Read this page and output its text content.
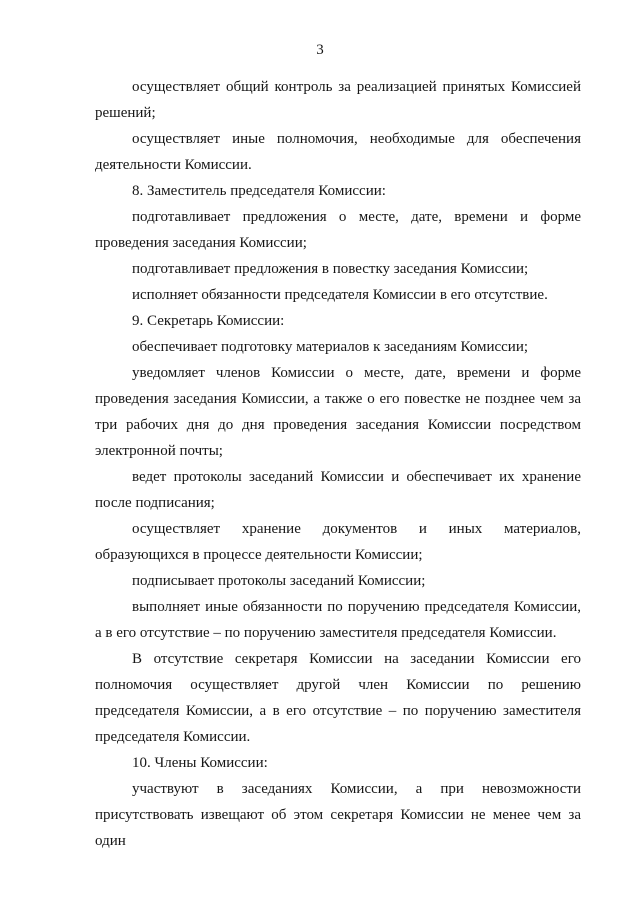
3

осуществляет общий контроль за реализацией принятых Комиссией решений;

осуществляет иные полномочия, необходимые для обеспечения деятельности Комиссии.

8. Заместитель председателя Комиссии:

подготавливает предложения о месте, дате, времени и форме проведения заседания Комиссии;

подготавливает предложения в повестку заседания Комиссии;

исполняет обязанности председателя Комиссии в его отсутствие.

9. Секретарь Комиссии:

обеспечивает подготовку материалов к заседаниям Комиссии;

уведомляет членов Комиссии о месте, дате, времени и форме проведения заседания Комиссии, а также о его повестке не позднее чем за три рабочих дня до дня проведения заседания Комиссии посредством электронной почты;

ведет протоколы заседаний Комиссии и обеспечивает их хранение после подписания;

осуществляет хранение документов и иных материалов, образующихся в процессе деятельности Комиссии;

подписывает протоколы заседаний Комиссии;

выполняет иные обязанности по поручению председателя Комиссии, а в его отсутствие – по поручению заместителя председателя Комиссии.

В отсутствие секретаря Комиссии на заседании Комиссии его полномочия осуществляет другой член Комиссии по решению председателя Комиссии, а в его отсутствие – по поручению заместителя председателя Комиссии.

10. Члены Комиссии:

участвуют в заседаниях Комиссии, а при невозможности присутствовать извещают об этом секретаря Комиссии не менее чем за один
